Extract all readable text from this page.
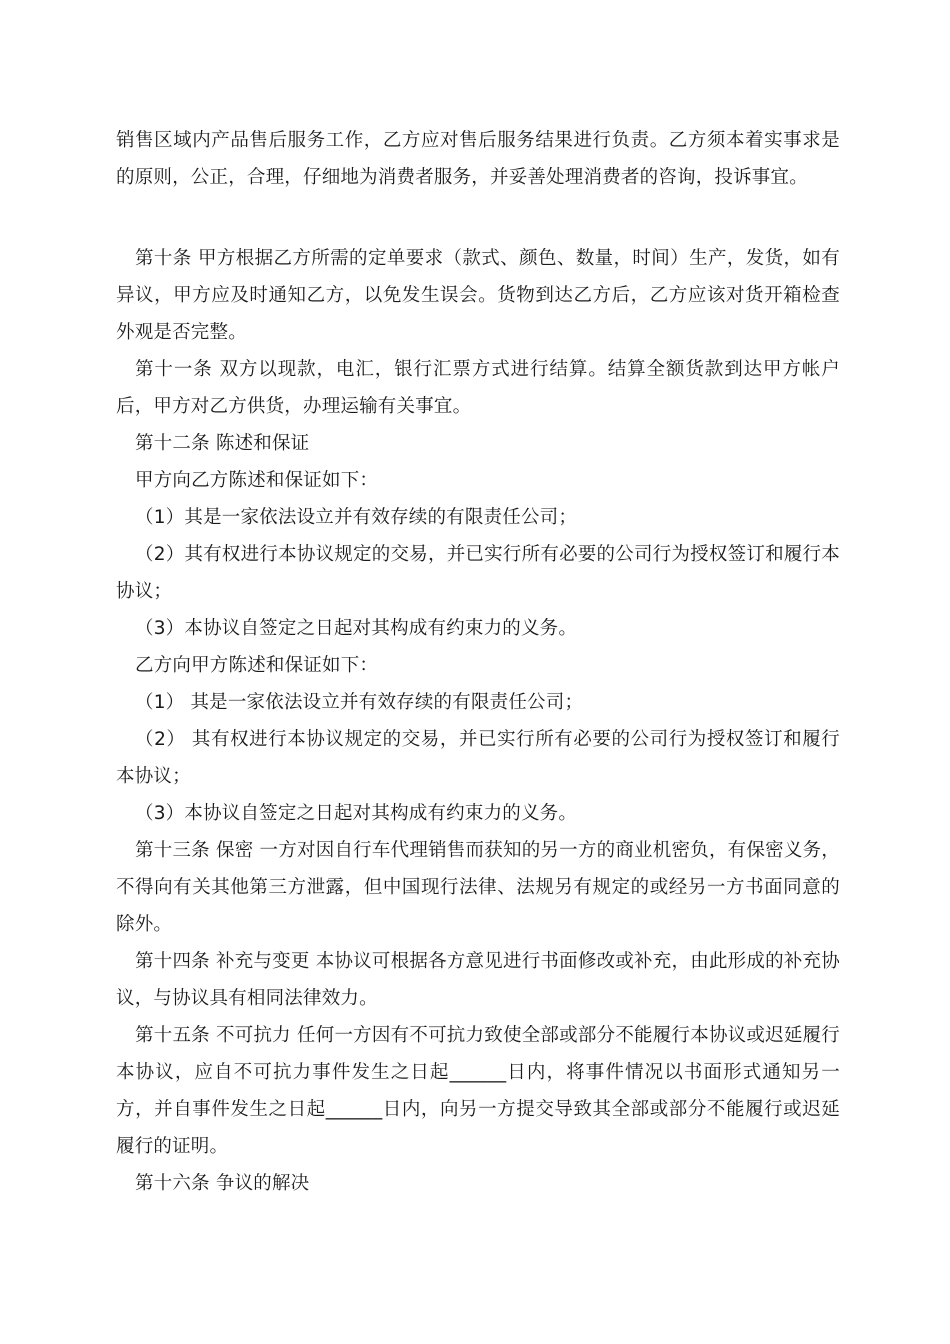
销售区域内产品售后服务工作，乙方应对售后服务结果进行负责。乙方须本着实事求是的原则，公正，合理，仔细地为消费者服务，并妥善处理消费者的咨询，投诉事宜。

第十条 甲方根据乙方所需的定单要求（款式、颜色、数量，时间）生产，发货，如有异议，甲方应及时通知乙方，以免发生误会。货物到达乙方后，乙方应该对货开箱检查外观是否完整。

第十一条 双方以现款，电汇，银行汇票方式进行结算。结算全额货款到达甲方帐户后，甲方对乙方供货，办理运输有关事宜。

第十二条 陈述和保证

甲方向乙方陈述和保证如下：

（1）其是一家依法设立并有效存续的有限责任公司；

（2）其有权进行本协议规定的交易，并已实行所有必要的公司行为授权签订和履行本协议；

（3）本协议自签定之日起对其构成有约束力的义务。

乙方向甲方陈述和保证如下：

（1） 其是一家依法设立并有效存续的有限责任公司；

（2） 其有权进行本协议规定的交易，并已实行所有必要的公司行为授权签订和履行本协议；

（3）本协议自签定之日起对其构成有约束力的义务。

第十三条 保密 一方对因自行车代理销售而获知的另一方的商业机密负，有保密义务，不得向有关其他第三方泄露，但中国现行法律、法规另有规定的或经另一方书面同意的除外。

第十四条 补充与变更 本协议可根据各方意见进行书面修改或补充，由此形成的补充协议，与协议具有相同法律效力。

第十五条 不可抗力 任何一方因有不可抗力致使全部或部分不能履行本协议或迟延履行本协议，应自不可抗力事件发生之日起______日内，将事件情况以书面形式通知另一方，并自事件发生之日起______日内，向另一方提交导致其全部或部分不能履行或迟延履行的证明。

第十六条 争议的解决
